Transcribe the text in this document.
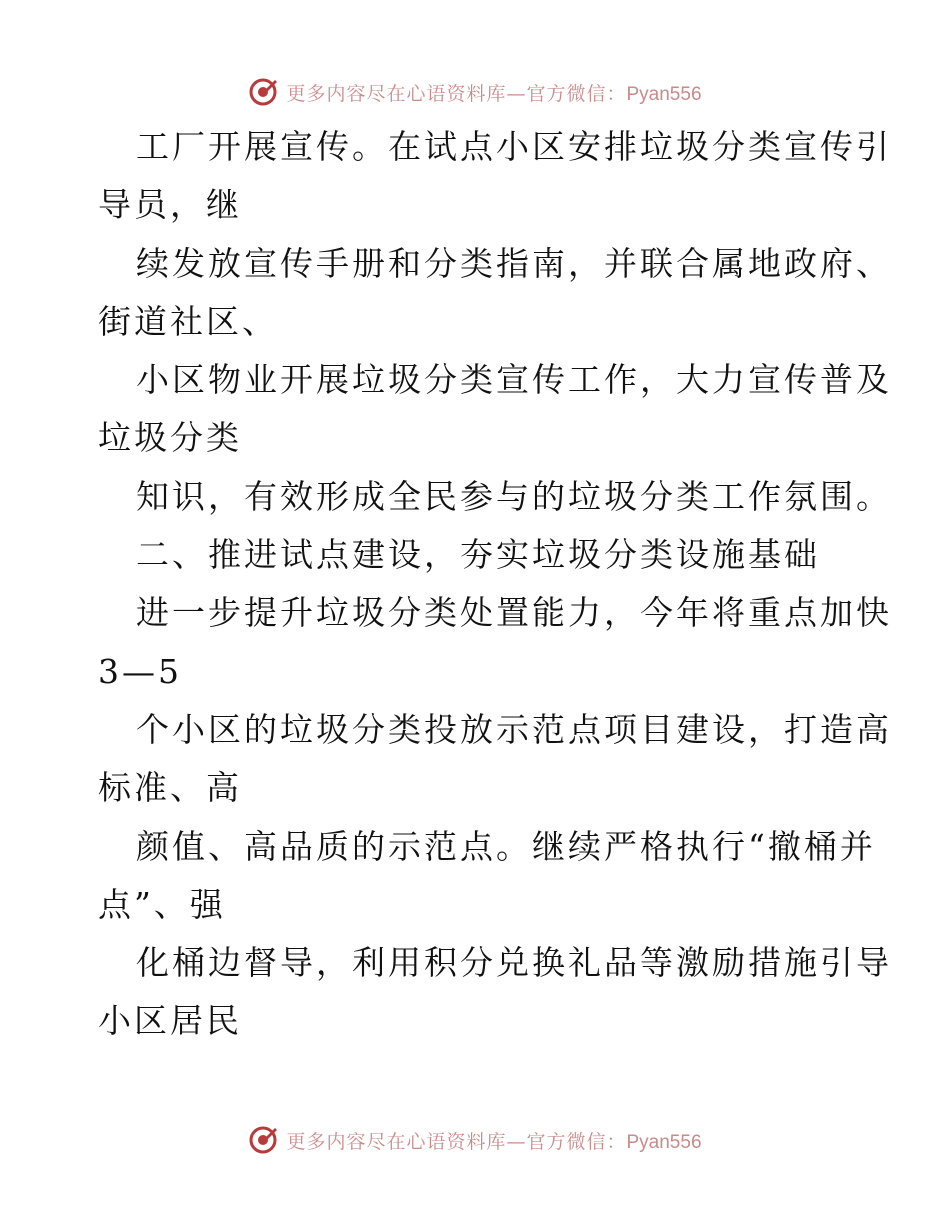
更多内容尽在心语资料库—官方微信：Pyan556
工厂开展宣传。在试点小区安排垃圾分类宣传引
导员，继
续发放宣传手册和分类指南，并联合属地政府、
街道社区、
小区物业开展垃圾分类宣传工作，大力宣传普及
垃圾分类
知识，有效形成全民参与的垃圾分类工作氛围。
二、推进试点建设，夯实垃圾分类设施基础
进一步提升垃圾分类处置能力，今年将重点加快
3—5
个小区的垃圾分类投放示范点项目建设，打造高
标准、高
颜值、高品质的示范点。继续严格执行“撤桶并
点”、强
化桶边督导，利用积分兑换礼品等激励措施引导
小区居民
更多内容尽在心语资料库—官方微信：Pyan556
